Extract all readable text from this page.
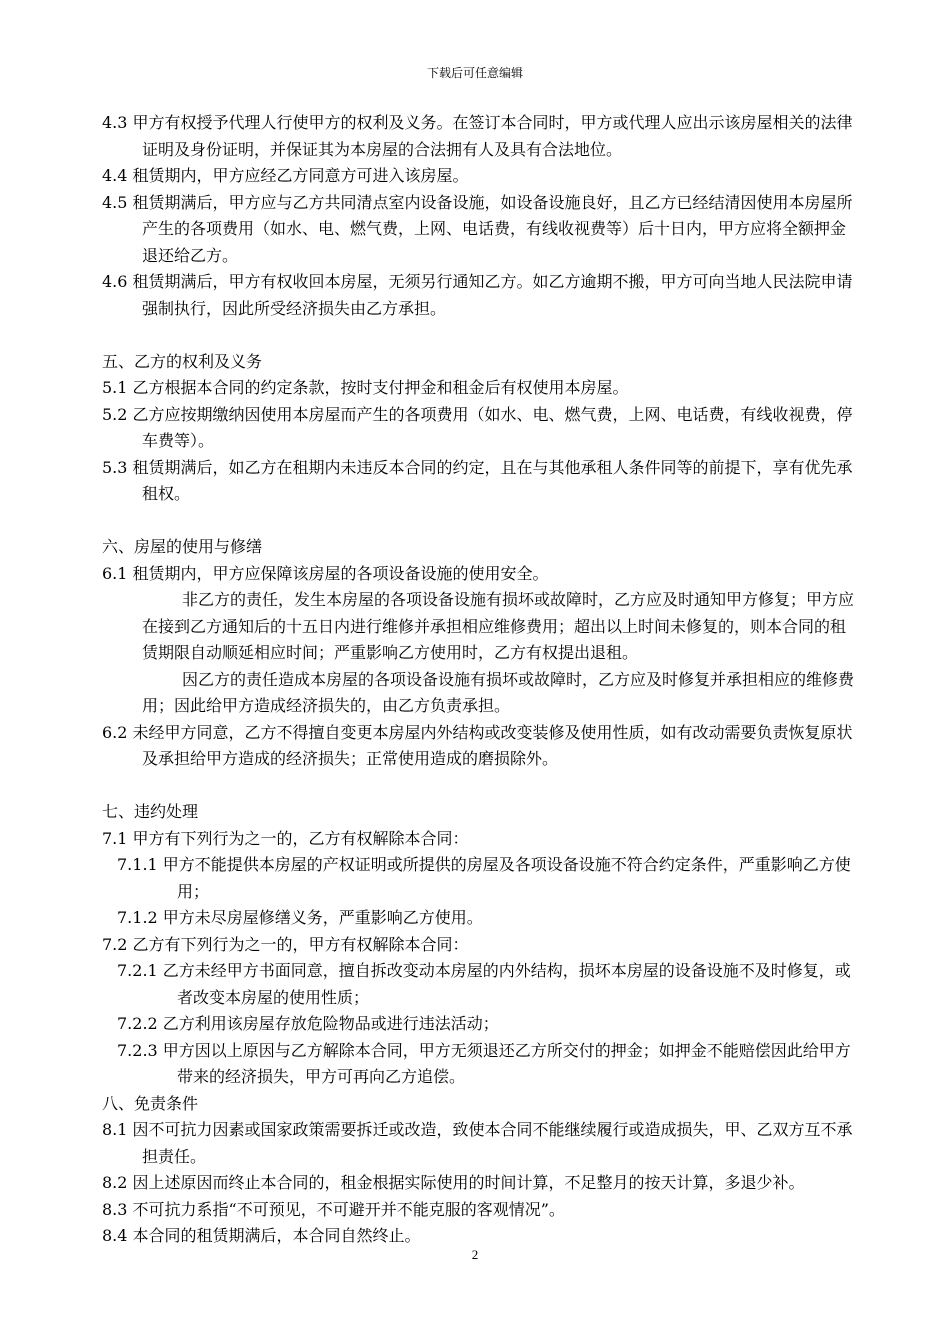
下载后可任意编辑
4.3 甲方有权授予代理人行使甲方的权利及义务。在签订本合同时，甲方或代理人应出示该房屋相关的法律证明及身份证明，并保证其为本房屋的合法拥有人及具有合法地位。
4.4 租赁期内，甲方应经乙方同意方可进入该房屋。
4.5 租赁期满后，甲方应与乙方共同清点室内设备设施，如设备设施良好，且乙方已经结清因使用本房屋所产生的各项费用（如水、电、燃气费，上网、电话费，有线收视费等）后十日内，甲方应将全额押金退还给乙方。
4.6 租赁期满后，甲方有权收回本房屋，无须另行通知乙方。如乙方逾期不搬，甲方可向当地人民法院申请强制执行，因此所受经济损失由乙方承担。
五、乙方的权利及义务
5.1 乙方根据本合同的约定条款，按时支付押金和租金后有权使用本房屋。
5.2 乙方应按期缴纳因使用本房屋而产生的各项费用（如水、电、燃气费，上网、电话费，有线收视费，停车费等）。
5.3 租赁期满后，如乙方在租期内未违反本合同的约定，且在与其他承租人条件同等的前提下，享有优先承租权。
六、房屋的使用与修缮
6.1 租赁期内，甲方应保障该房屋的各项设备设施的使用安全。
非乙方的责任，发生本房屋的各项设备设施有损坏或故障时，乙方应及时通知甲方修复；甲方应在接到乙方通知后的十五日内进行维修并承担相应维修费用；超出以上时间未修复的，则本合同的租赁期限自动顺延相应时间；严重影响乙方使用时，乙方有权提出退租。
因乙方的责任造成本房屋的各项设备设施有损坏或故障时，乙方应及时修复并承担相应的维修费用；因此给甲方造成经济损失的，由乙方负责承担。
6.2 未经甲方同意，乙方不得擅自变更本房屋内外结构或改变装修及使用性质，如有改动需要负责恢复原状及承担给甲方造成的经济损失；正常使用造成的磨损除外。
七、违约处理
7.1 甲方有下列行为之一的，乙方有权解除本合同：
7.1.1 甲方不能提供本房屋的产权证明或所提供的房屋及各项设备设施不符合约定条件，严重影响乙方使用；
7.1.2 甲方未尽房屋修缮义务，严重影响乙方使用。
7.2 乙方有下列行为之一的，甲方有权解除本合同：
7.2.1 乙方未经甲方书面同意，擅自拆改变动本房屋的内外结构，损坏本房屋的设备设施不及时修复，或者改变本房屋的使用性质；
7.2.2 乙方利用该房屋存放危险物品或进行违法活动；
7.2.3 甲方因以上原因与乙方解除本合同，甲方无须退还乙方所交付的押金；如押金不能赔偿因此给甲方带来的经济损失，甲方可再向乙方追偿。
八、免责条件
8.1 因不可抗力因素或国家政策需要拆迁或改造，致使本合同不能继续履行或造成损失，甲、乙双方互不承担责任。
8.2 因上述原因而终止本合同的，租金根据实际使用的时间计算，不足整月的按天计算，多退少补。
8.3 不可抗力系指“不可预见，不可避开并不能克服的客观情况”。
8.4 本合同的租赁期满后，本合同自然终止。
2
